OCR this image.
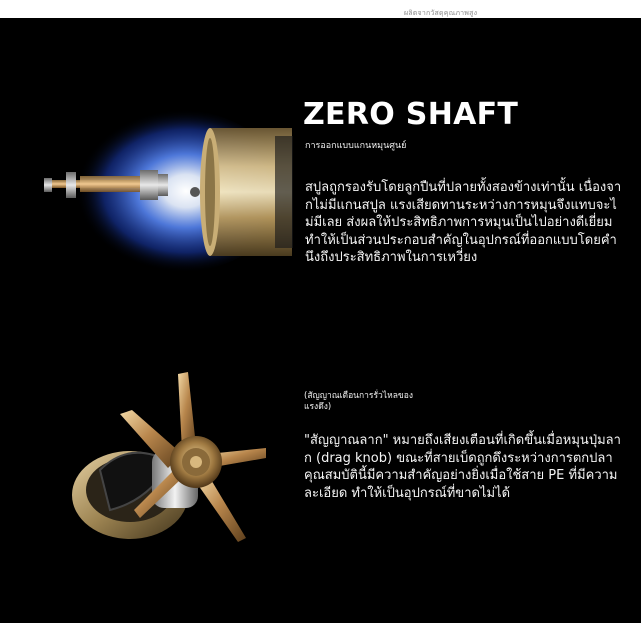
ผลิตจากวัสดุคุณภาพสูง
ZERO SHAFT
การออกแบบแกนหมุนศูนย์
สปูลถูกรองรับโดยลูกปืนที่ปลายทั้งสองข้างเท่านั้น เนื่องจากไม่มีแกนสปูล แรงเสียดทานระหว่างการหมุนจึงแทบจะไม่มีเลย ส่งผลให้ประสิทธิภาพการหมุนเป็นไปอย่างดีเยี่ยม ทำให้เป็นส่วนประกอบสำคัญในอุปกรณ์ที่ออกแบบโดยคำนึงถึงประสิทธิภาพในการเหวี่ยง
(สัญญาณเตือนการรั่วไหลของแรงดึง)
"สัญญาณลาก" หมายถึงเสียงเตือนที่เกิดขึ้นเมื่อหมุนปุ่มลาก (drag knob) ขณะที่สายเบ็ดถูกดึงระหว่างการตกปลา คุณสมบัตินี้มีความสำคัญอย่างยิ่งเมื่อใช้สาย PE ที่มีความละเอียด ทำให้เป็นอุปกรณ์ที่ขาดไม่ได้
